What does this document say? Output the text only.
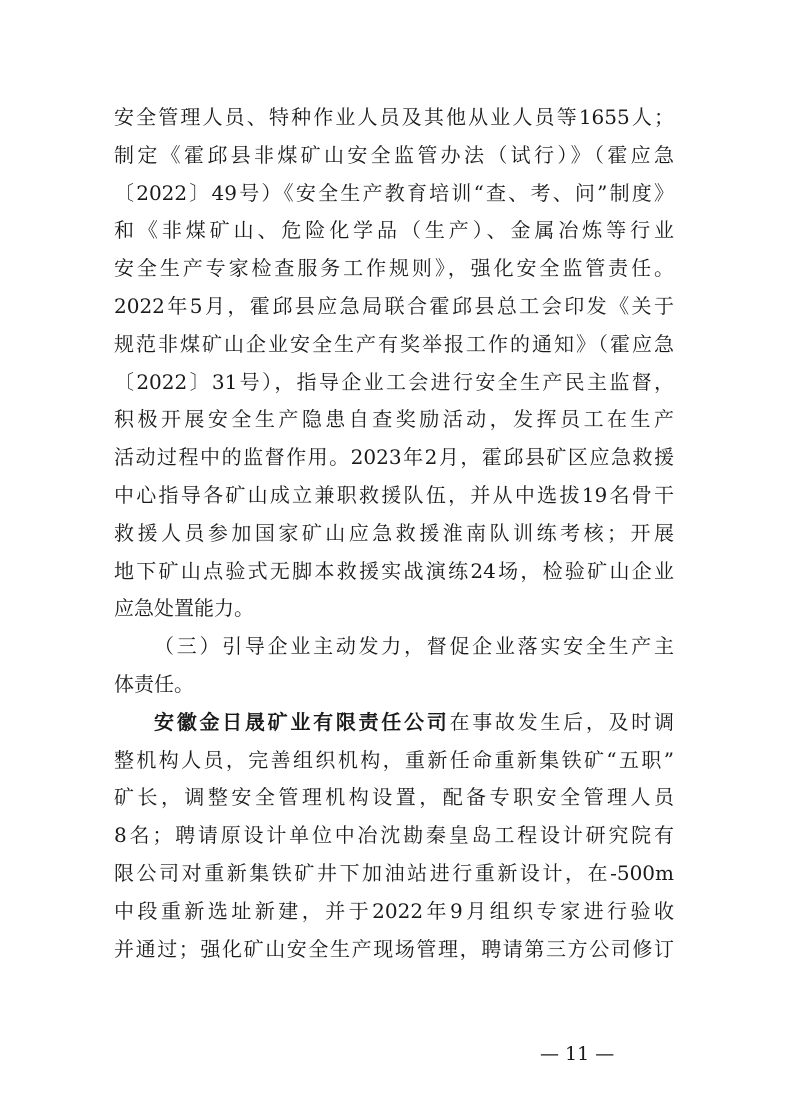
安全管理人员、特种作业人员及其他从业人员等1655人；
制定《霍邱县非煤矿山安全监管办法（试行）》（霍应急
〔2022〕49号）《安全生产教育培训“查、考、问”制度》
和《非煤矿山、危险化学品（生产）、金属冶炼等行业
安全生产专家检查服务工作规则》，强化安全监管责任。
2022年5月，霍邱县应急局联合霍邱县总工会印发《关于
规范非煤矿山企业安全生产有奖举报工作的通知》（霍应急
〔2022〕31号），指导企业工会进行安全生产民主监督，
积极开展安全生产隐患自查奖励活动，发挥员工在生产
活动过程中的监督作用。2023年2月，霍邱县矿区应急救援
中心指导各矿山成立兼职救援队伍，并从中选拔19名骨干
救援人员参加国家矿山应急救援淮南队训练考核；开展
地下矿山点验式无脚本救援实战演练24场，检验矿山企业
应急处置能力。
（三）引导企业主动发力，督促企业落实安全生产主
体责任。
安徽金日晟矿业有限责任公司在事故发生后，及时调
整机构人员，完善组织机构，重新任命重新集铁矿“五职”
矿长，调整安全管理机构设置，配备专职安全管理人员
8名；聘请原设计单位中冶沈勘秦皇岛工程设计研究院有
限公司对重新集铁矿井下加油站进行重新设计，在-500m
中段重新选址新建，并于2022年9月组织专家进行验收
并通过；强化矿山安全生产现场管理，聘请第三方公司修订
— 11 —
